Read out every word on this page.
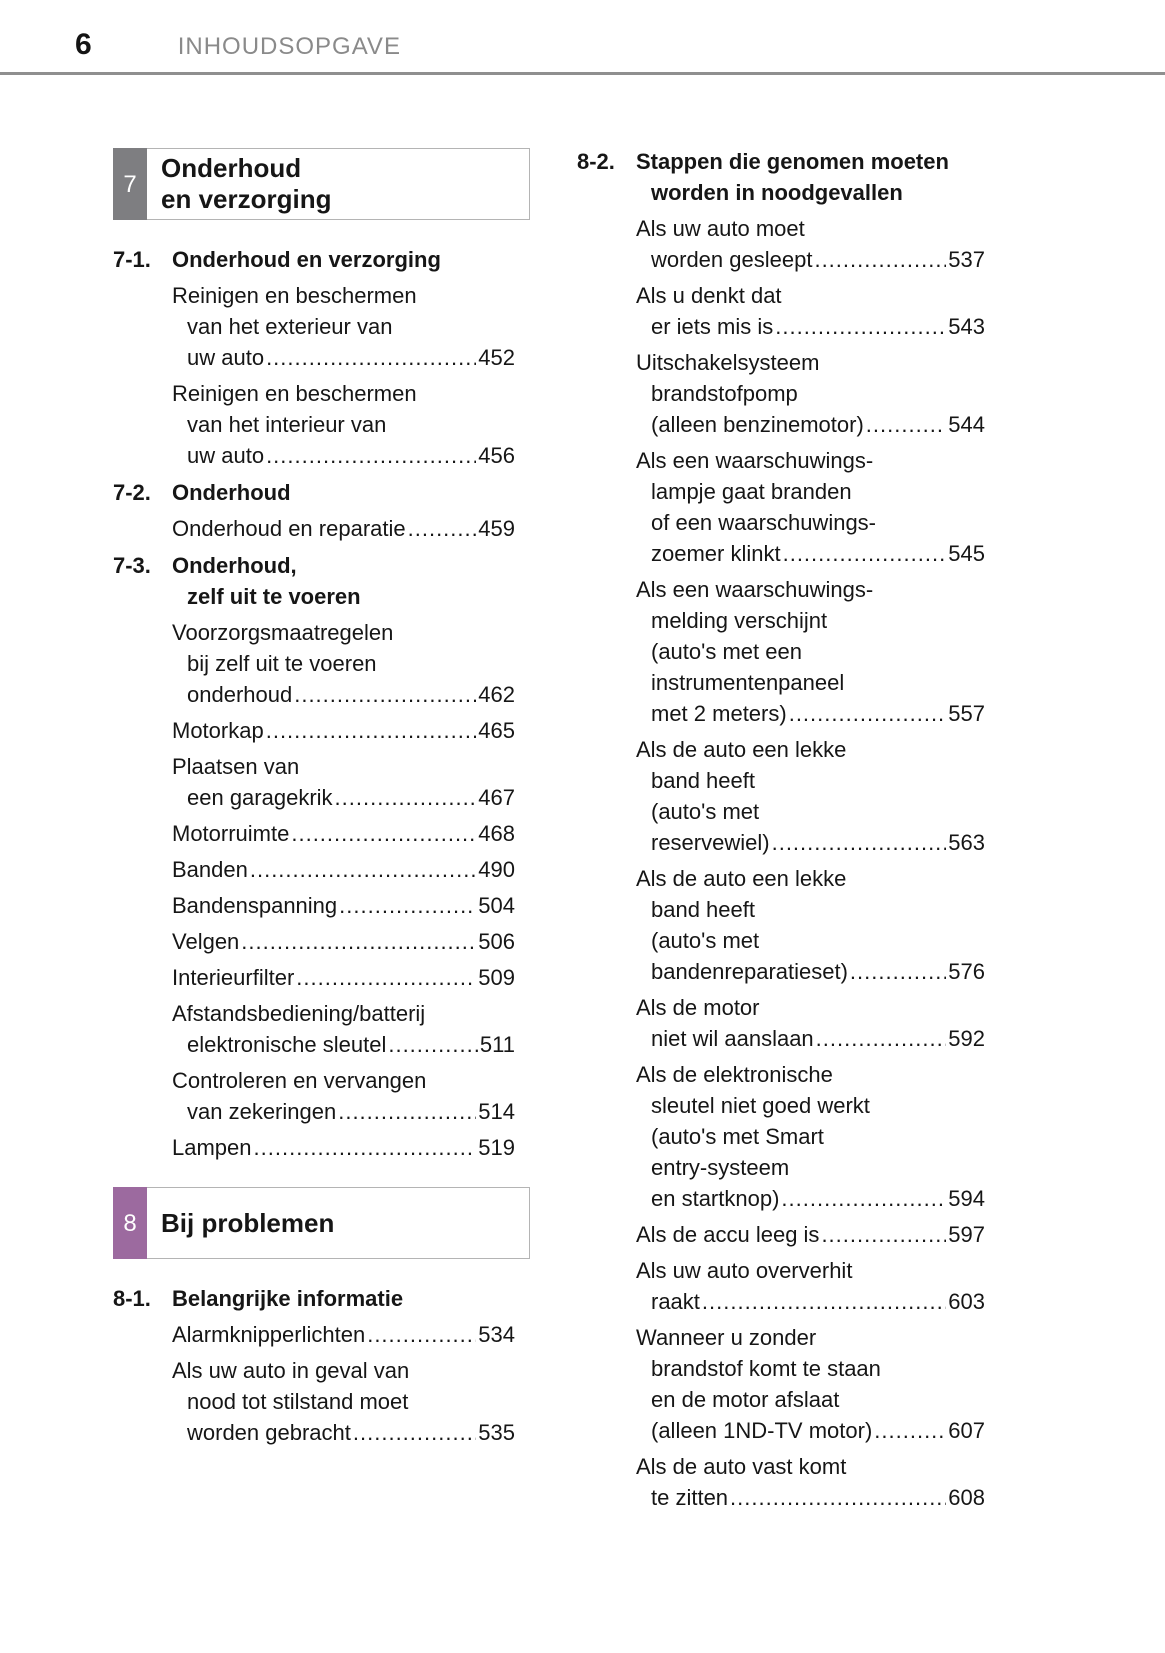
6	INHOUDSOPGAVE
7
Onderhoud
en verzorging
7-1. Onderhoud en verzorging
Reinigen en beschermen
van het exterieur van
uw auto .....	452
Reinigen en beschermen
van het interieur van
uw auto .....	456
7-2. Onderhoud
Onderhoud en reparatie .....	459
7-3. Onderhoud,
zelf uit te voeren
Voorzorgsmaatregelen
bij zelf uit te voeren
onderhoud .....	462
Motorkap .....	465
Plaatsen van
een garagekrik .....	467
Motorruimte .....	468
Banden .....	490
Bandenspanning .....	504
Velgen .....	506
Interieurfilter .....	509
Afstandsbediening/batterij
elektronische sleutel .....	511
Controleren en vervangen
van zekeringen .....	514
Lampen .....	519
8 Bij problemen
8-1. Belangrijke informatie
Alarmknipperlichten .....	534
Als uw auto in geval van
nood tot stilstand moet
worden gebracht .....	535
8-2. Stappen die genomen moeten
worden in noodgevallen
Als uw auto moet
worden gesleept .....	537
Als u denkt dat
er iets mis is .....	543
Uitschakelsysteem
brandstofpomp
(alleen benzinemotor) .....	544
Als een waarschuwings-
lampje gaat branden
of een waarschuwings-
zoemer klinkt .....	545
Als een waarschuwings-
melding verschijnt
(auto's met een
instrumentenpaneel
met 2 meters) .....	557
Als de auto een lekke
band heeft
(auto's met
reservewiel) .....	563
Als de auto een lekke
band heeft
(auto's met
bandenreparatieset) .....	576
Als de motor
niet wil aanslaan .....	592
Als de elektronische
sleutel niet goed werkt
(auto's met Smart
entry-systeem
en startknop) .....	594
Als de accu leeg is .....	597
Als uw auto oververhit
raakt .....	603
Wanneer u zonder
brandstof komt te staan
en de motor afslaat
(alleen 1ND-TV motor) .....	607
Als de auto vast komt
te zitten .....	608
